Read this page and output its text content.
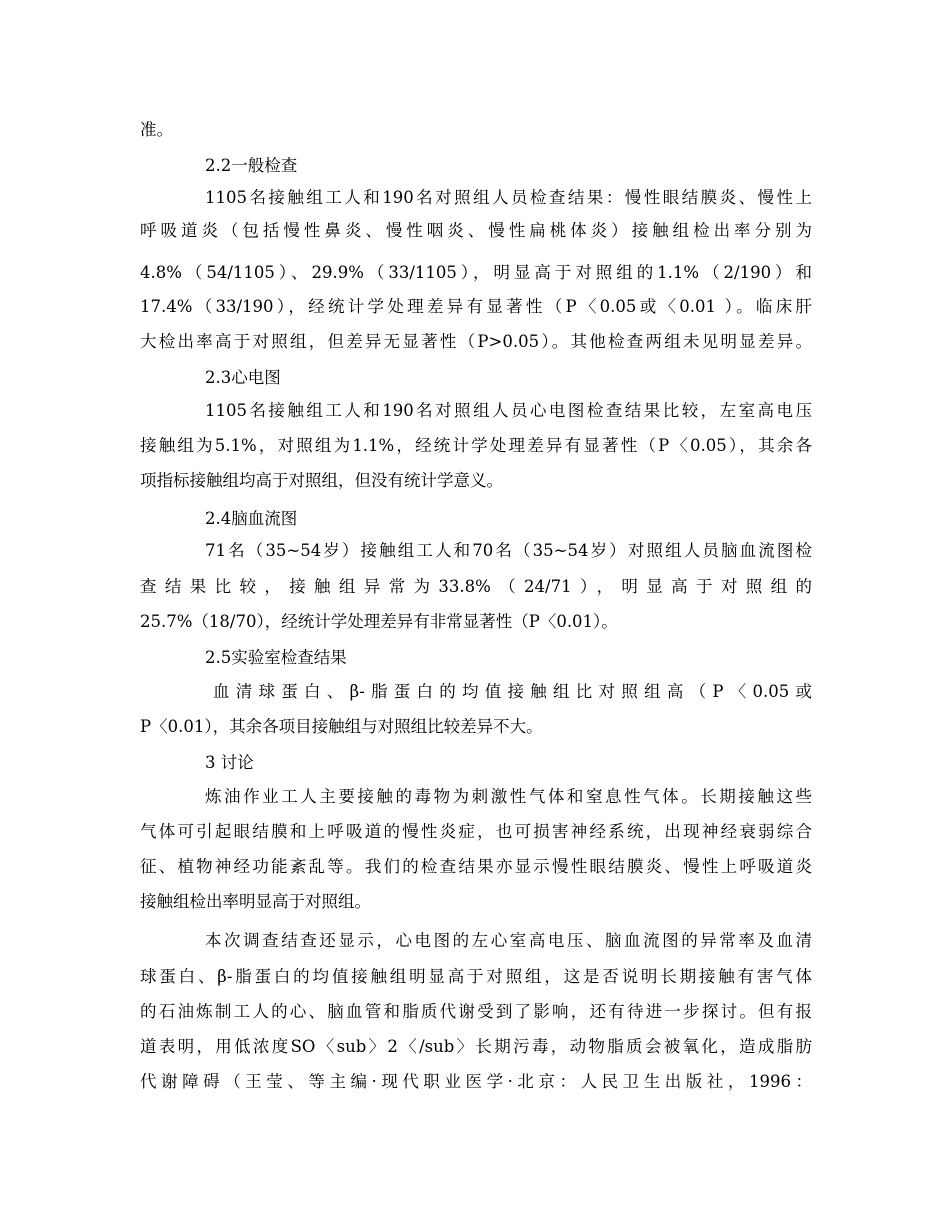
准。
2.2一般检查
1105名接触组工人和190名对照组人员检查结果：慢性眼结膜炎、慢性上
呼吸道炎（包括慢性鼻炎、慢性咽炎、慢性扁桃体炎）接触组检出率分别为
4.8%（54/1105）、29.9%（33/1105），明显高于对照组的1.1%（2/190）和
17.4%（33/190），经统计学处理差异有显著性（P〈0.05或〈0.01 ）。临床肝
大检出率高于对照组，但差异无显著性（P>0.05）。其他检查两组未见明显差异。
2.3心电图
1105名接触组工人和190名对照组人员心电图检查结果比较，左室高电压
接触组为5.1%，对照组为1.1%，经统计学处理差异有显著性（P〈0.05），其余各
项指标接触组均高于对照组，但没有统计学意义。
2.4脑血流图
71名（35~54岁）接触组工人和70名（35~54岁）对照组人员脑血流图检
查结果比较，接触组异常为33.8%（24/71），明显高于对照组的
25.7%（18/70），经统计学处理差异有非常显著性（P〈0.01）。
2.5实验室检查结果
血清球蛋白、β-脂蛋白的均值接触组比对照组高（P〈0.05或
P〈0.01），其余各项目接触组与对照组比较差异不大。
3 讨论
炼油作业工人主要接触的毒物为刺激性气体和窒息性气体。长期接触这些
气体可引起眼结膜和上呼吸道的慢性炎症，也可损害神经系统，出现神经衰弱综合
征、植物神经功能紊乱等。我们的检查结果亦显示慢性眼结膜炎、慢性上呼吸道炎
接触组检出率明显高于对照组。
本次调查结查还显示，心电图的左心室高电压、脑血流图的异常率及血清
球蛋白、β-脂蛋白的均值接触组明显高于对照组，这是否说明长期接触有害气体
的石油炼制工人的心、脑血管和脂质代谢受到了影响，还有待进一步探讨。但有报
道表明，用低浓度SO〈sub〉2〈/sub〉长期污毒，动物脂质会被氧化，造成脂肪
代谢障碍（王莹、等主编·现代职业医学·北京：人民卫生出版社，1996：
